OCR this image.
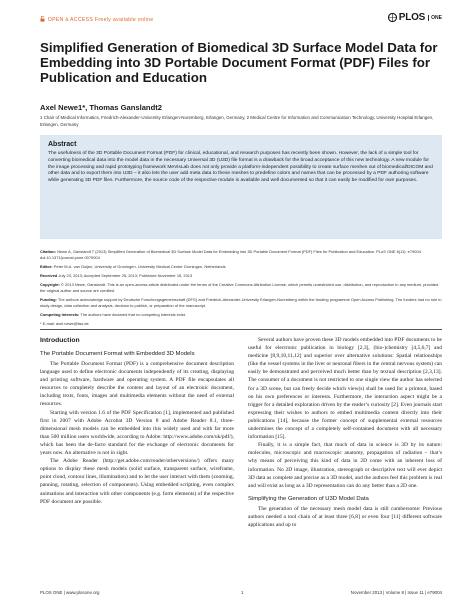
OPEN à ACCESS Freely available online	PLOS	ONE
Simplified Generation of Biomedical 3D Surface Model Data for Embedding into 3D Portable Document Format (PDF) Files for Publication and Education
Axel Newe1*, Thomas Ganslandt2
1 Chair of Medical Informatics, Friedrich-Alexander-University Erlangen-Nuremberg, Erlangen, Germany, 2 Medical Centre for Information and Communication Technology, University Hospital Erlangen, Erlangen, Germany
Abstract
The usefulness of the 3D Portable Document Format (PDF) for clinical, educational, and research purposes has recently been shown. However, the lack of a simple tool for converting biomedical data into the model data in the necessary Universal 3D (U3D) file format is a drawback for the broad acceptance of this new technology. A new module for the image processing and rapid prototyping framework MeVisLab does not only provide a platform-independent possibility to create surface meshes out of biomedical/DICOM and other data and to export them into U3D – it also lets the user add meta data to these meshes to predefine colors and names that can be processed by a PDF authoring software while generating 3D PDF files. Furthermore, the source code of the respective module is available and well documented so that it can easily be modified for own purposes.
Citation: Newe A, Ganslandt T (2013) Simplified Generation of Biomedical 3D Surface Model Data for Embedding into 3D Portable Document Format (PDF) Files for Publication and Education. PLoS ONE 8(11): e79004. doi:10.1371/journal.pone.0079004
Editor: Peter M.A. van Ooijen, University of Groningen, University Medical Center Groningen, Netherlands
Received July 23, 2013; Accepted September 25, 2013; Published November 15, 2013
Copyright: © 2013 Newe, Ganslandt. This is an open-access article distributed under the terms of the Creative Commons Attribution License, which permits unrestricted use, distribution, and reproduction in any medium, provided the original author and source are credited.
Funding: The authors acknowledge support by Deutsche Forschungsgemeinschaft (DFG) and Friedrich-Alexander-University Erlangen-Nuremberg within the funding programme Open Access Publishing. The funders had no role in study design, data collection and analysis, decision to publish, or preparation of the manuscript.
Competing Interests: The authors have declared that no competing interests exist.
* E-mail: axel.newe@fau.de
Introduction
The Portable Document Format with Embedded 3D Models

The Portable Document Format (PDF) is a comprehensive document description language used to define electronic documents independently of its creating, displaying and printing software, hardware and operating system. A PDF file encapsulates all resources to completely describe the content and layout of an electronic document, including texts, fonts, images and multimedia elements without the need of external resources.

Starting with version 1.6 of the PDF Specification [1], implemented and published first in 2007 with Adobe Acrobat 3D Version 8 and Adobe Reader 8.1, three-dimensional mesh models can be embedded into this widely used and with far more than 500 million users worldwide, according to Adobe: http://www.adobe.com/uk/pdf/), which has been the de-facto standard for the exchange of electronic documents for years now. An alternative is not in sight.

The Adobe Reader (http://get.adobe.com/reader/otherversions/) offers many options to display these mesh models (solid surface, transparent surface, wireframe, point cloud, contour lines, illumination) and to let the user interact with them (zooming, panning, rotating, selection of components). Using embedded scripting, even complex animations and interaction with other components (e.g. form elements) of the respective PDF document are possible.

Several authors have proven these 3D models embedded into PDF documents to be useful for electronic publication in biology [2,3], (bio-)chemistry [4,5,6,7] and medicine [8,9,10,11,12] and superior over alternative solutions: Spatial relationships (like the vessel systems in the liver or neuronal fibers in the central nervous system) can easily be demonstrated and perceived much better than by textual description [2,3,13]. The consumer of a document is not restricted to one single view the author has selected for a 3D scene, but can freely decide which view(s) shall be used for a printout, based on his own preferences or interests. Furthermore, the interaction aspect might be a trigger for a detailed exploration driven by the reader’s curiosity [2]. Even journals start expressing their wishes to authors to embed multimedia content directly into their publications [14], because the former concept of supplemental external resources undermines the concept of a completely self-contained document with all necessary information [15].

Finally, it is a simple fact, that much of data in science is 3D by its nature: molecules, microscopic and macroscopic anatomy, propagation of radiation – that’s why means of perceiving this kind of data in 2D come with an inherent loss of information. No 2D image, illustration, stereograph or descriptive text will ever depict 3D data as complete and precise as a 3D model, and the authors feel this problem is real and will exist as long as a 3D representation can do any better than a 2D one.

Simplifying the Generation of U3D Model Data

The generation of the necessary mesh model data is still cumbersome: Previous authors needed a tool chain of at least three [6,8] or even four [11] different software applications and up to

PLOS ONE | www.plosone.org	1	November 2013 | Volume 8 | Issue 11 | e79004
